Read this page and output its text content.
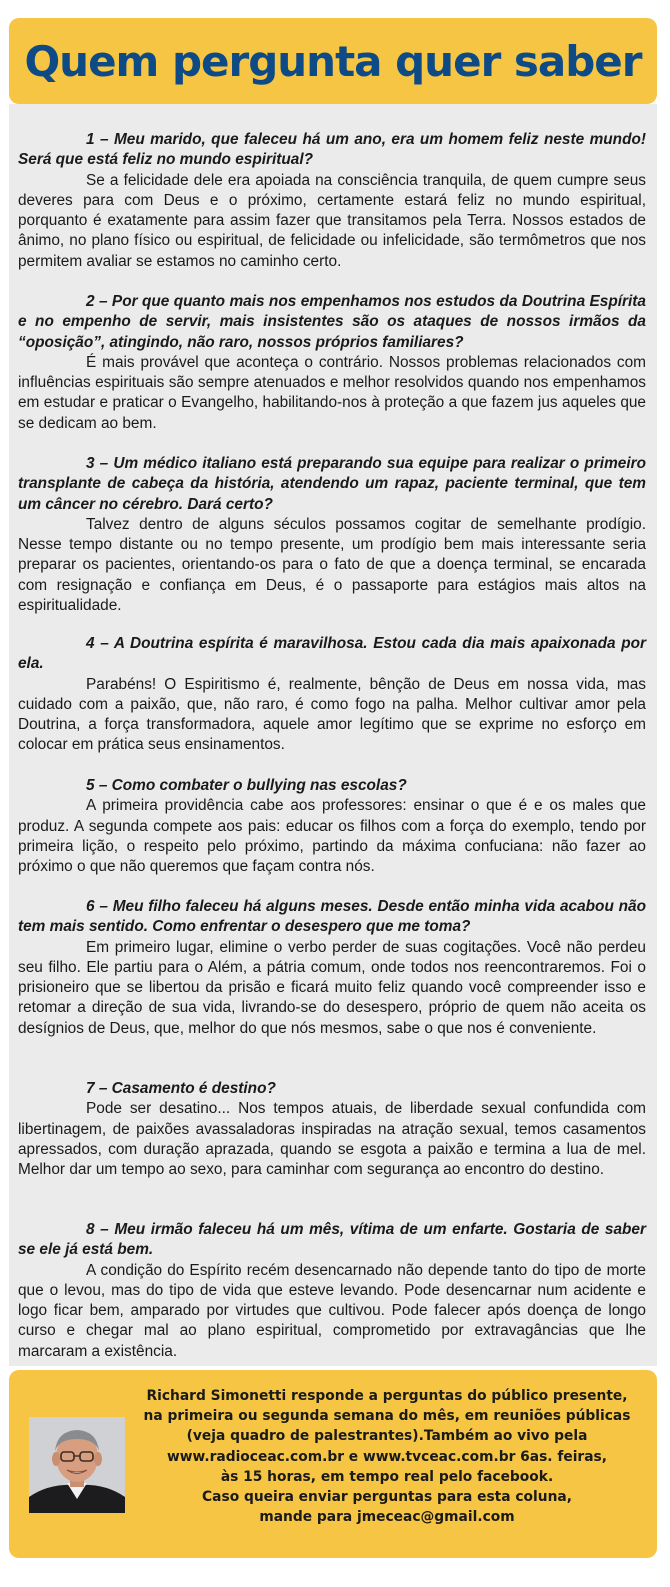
Quem pergunta quer saber

1 – Meu marido, que faleceu há um ano, era um homem feliz neste mundo! Será que está feliz no mundo espiritual?

Se a felicidade dele era apoiada na consciência tranquila, de quem cumpre seus deveres para com Deus e o próximo, certamente estará feliz no mundo espiritual, porquanto é exatamente para assim fazer que transitamos pela Terra. Nossos estados de ânimo, no plano físico ou espiritual, de felicidade ou infelicidade, são termômetros que nos permitem avaliar se estamos no caminho certo.

2 – Por que quanto mais nos empenhamos nos estudos da Doutrina Espírita e no empenho de servir, mais insistentes são os ataques de nossos irmãos da “oposição”, atingindo, não raro, nossos próprios familiares?

É mais provável que aconteça o contrário. Nossos problemas relacionados com influências espirituais são sempre atenuados e melhor resolvidos quando nos empenhamos em estudar e praticar o Evangelho, habilitando-nos à proteção a que fazem jus aqueles que se dedicam ao bem.

3 – Um médico italiano está preparando sua equipe para realizar o primeiro transplante de cabeça da história, atendendo um rapaz, paciente terminal, que tem um câncer no cérebro. Dará certo?

Talvez dentro de alguns séculos possamos cogitar de semelhante prodígio. Nesse tempo distante ou no tempo presente, um prodígio bem mais interessante seria preparar os pacientes, orientando-os para o fato de que a doença terminal, se encarada com resignação e confiança em Deus, é o passaporte para estágios mais altos na espiritualidade.

4 – A Doutrina espírita é maravilhosa. Estou cada dia mais apaixonada por ela.

Parabéns! O Espiritismo é, realmente, bênção de Deus em nossa vida, mas cuidado com a paixão, que, não raro, é como fogo na palha. Melhor cultivar amor pela Doutrina, a força transformadora, aquele amor legítimo que se exprime no esforço em colocar em prática seus ensinamentos.

5 – Como combater o bullying nas escolas?

A primeira providência cabe aos professores: ensinar o que é e os males que produz. A segunda compete aos pais: educar os filhos com a força do exemplo, tendo por primeira lição, o respeito pelo próximo, partindo da máxima confuciana: não fazer ao próximo o que não queremos que façam contra nós.

6 – Meu filho faleceu há alguns meses. Desde então minha vida acabou não tem mais sentido. Como enfrentar o desespero que me toma?

Em primeiro lugar, elimine o verbo perder de suas cogitações. Você não perdeu seu filho. Ele partiu para o Além, a pátria comum, onde todos nos reencontraremos. Foi o prisioneiro que se libertou da prisão e ficará muito feliz quando você compreender isso e retomar a direção de sua vida, livrando-se do desespero, próprio de quem não aceita os desígnios de Deus, que, melhor do que nós mesmos, sabe o que nos é conveniente.

7 – Casamento é destino?

Pode ser desatino... Nos tempos atuais, de liberdade sexual confundida com libertinagem, de paixões avassaladoras inspiradas na atração sexual, temos casamentos apressados, com duração aprazada, quando se esgota a paixão e termina a lua de mel. Melhor dar um tempo ao sexo, para caminhar com segurança ao encontro do destino.

8 – Meu irmão faleceu há um mês, vítima de um enfarte. Gostaria de saber se ele já está bem.

A condição do Espírito recém desencarnado não depende tanto do tipo de morte que o levou, mas do tipo de vida que esteve levando. Pode desencarnar num acidente e logo ficar bem, amparado por virtudes que cultivou. Pode falecer após doença de longo curso e chegar mal ao plano espiritual, comprometido por extravagâncias que lhe marcaram a existência.

Richard Simonetti responde a perguntas do público presente,
na primeira ou segunda semana do mês, em reuniões públicas
(veja quadro de palestrantes).Também ao vivo pela
www.radioceac.com.br e www.tvceac.com.br 6as. feiras,
às 15 horas, em tempo real pelo facebook.
Caso queira enviar perguntas para esta coluna,
mande para jmeceac@gmail.com
